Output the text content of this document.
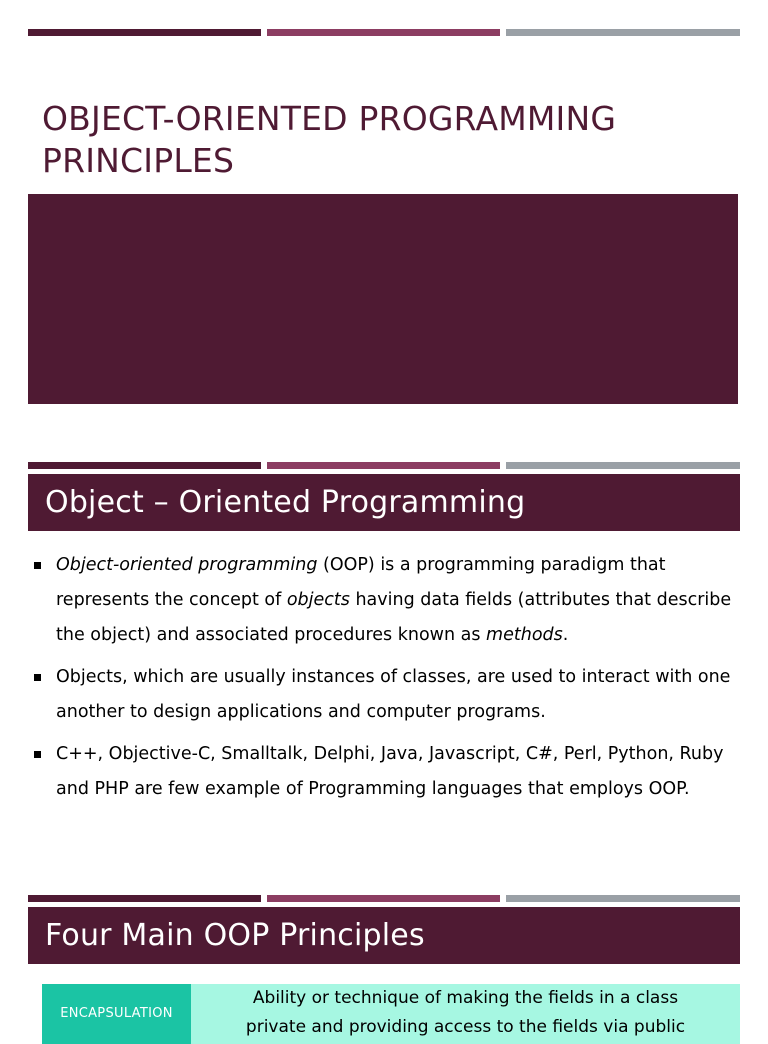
OBJECT-ORIENTED PROGRAMMING PRINCIPLES
Object – Oriented Programming
Object-oriented programming (OOP) is a programming paradigm that represents the concept of objects having data fields (attributes that describe the object) and associated procedures known as methods.
Objects, which are usually instances of classes, are used to interact with one another to design applications and computer programs.
C++, Objective-C, Smalltalk, Delphi, Java, Javascript, C#, Perl, Python, Ruby and PHP are few example of Programming languages that employs OOP.
Four Main OOP Principles
ENCAPSULATION
Ability or technique of making the fields in a class private and providing access to the fields via public
